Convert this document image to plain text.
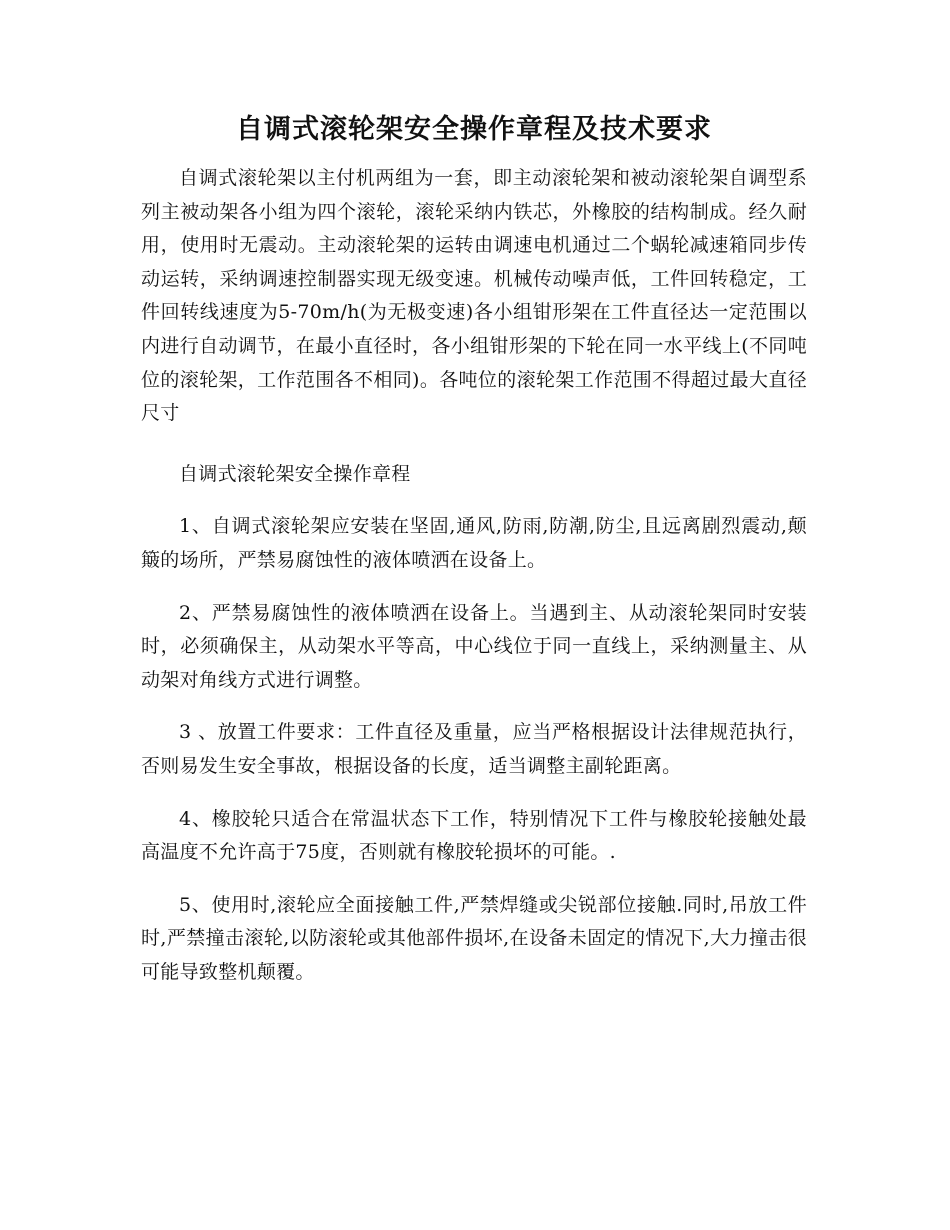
自调式滚轮架安全操作章程及技术要求

自调式滚轮架以主付机两组为一套，即主动滚轮架和被动滚轮架自调型系列主被动架各小组为四个滚轮，滚轮采纳内铁芯，外橡胶的结构制成。经久耐用，使用时无震动。主动滚轮架的运转由调速电机通过二个蜗轮减速箱同步传动运转，采纳调速控制器实现无级变速。机械传动噪声低，工件回转稳定，工件回转线速度为5-70m/h(为无极变速)各小组钳形架在工件直径达一定范围以内进行自动调节，在最小直径时，各小组钳形架的下轮在同一水平线上(不同吨位的滚轮架，工作范围各不相同)。各吨位的滚轮架工作范围不得超过最大直径尺寸

自调式滚轮架安全操作章程

1、自调式滚轮架应安装在坚固,通风,防雨,防潮,防尘,且远离剧烈震动,颠簸的场所，严禁易腐蚀性的液体喷洒在设备上。

2、严禁易腐蚀性的液体喷洒在设备上。当遇到主、从动滚轮架同时安装时，必须确保主，从动架水平等高，中心线位于同一直线上，采纳测量主、从动架对角线方式进行调整。

3 、放置工件要求：工件直径及重量，应当严格根据设计法律规范执行，否则易发生安全事故，根据设备的长度，适当调整主副轮距离。

4、橡胶轮只适合在常温状态下工作，特别情况下工件与橡胶轮接触处最高温度不允许高于75度，否则就有橡胶轮损坏的可能。.

5、使用时,滚轮应全面接触工件,严禁焊缝或尖锐部位接触.同时,吊放工件时,严禁撞击滚轮,以防滚轮或其他部件损坏,在设备未固定的情况下,大力撞击很可能导致整机颠覆。
